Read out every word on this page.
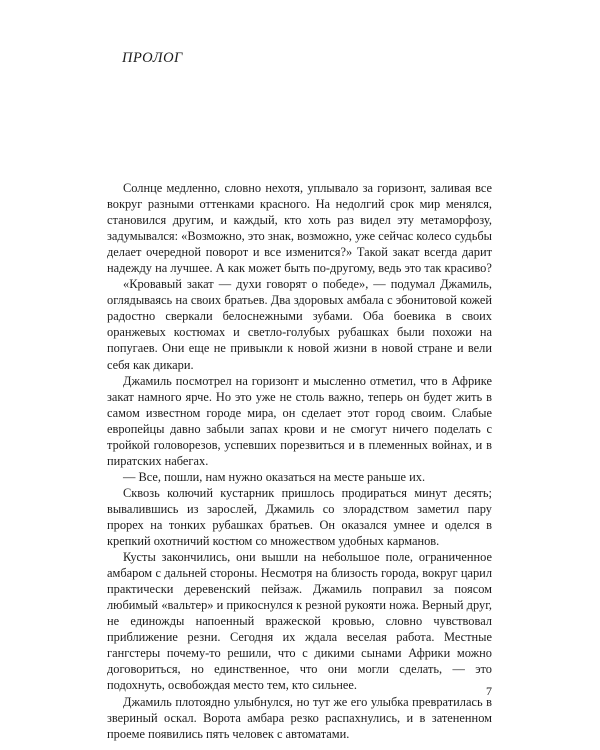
ПРОЛОГ

Солнце медленно, словно нехотя, уплывало за горизонт, заливая все вокруг разными оттенками красного. На недолгий срок мир менялся, становился другим, и каждый, кто хоть раз видел эту метаморфозу, задумывался: «Возможно, это знак, возможно, уже сейчас колесо судьбы делает очередной поворот и все изменится?» Такой закат всегда дарит надежду на лучшее. А как может быть по-другому, ведь это так красиво?

«Кровавый закат — духи говорят о победе», — подумал Джамиль, оглядываясь на своих братьев. Два здоровых амбала с эбонитовой кожей радостно сверкали белоснежными зубами. Оба боевика в своих оранжевых костюмах и светло-голубых рубашках были похожи на попугаев. Они еще не привыкли к новой жизни в новой стране и вели себя как дикари.

Джамиль посмотрел на горизонт и мысленно отметил, что в Африке закат намного ярче. Но это уже не столь важно, теперь он будет жить в самом известном городе мира, он сделает этот город своим. Слабые европейцы давно забыли запах крови и не смогут ничего поделать с тройкой головорезов, успевших порезвиться и в племенных войнах, и в пиратских набегах.

— Все, пошли, нам нужно оказаться на месте раньше их.

Сквозь колючий кустарник пришлось продираться минут десять; вывалившись из зарослей, Джамиль со злорадством заметил пару прорех на тонких рубашках братьев. Он оказался умнее и оделся в крепкий охотничий костюм со множеством удобных карманов.

Кусты закончились, они вышли на небольшое поле, ограниченное амбаром с дальней стороны. Несмотря на близость города, вокруг царил практически деревенский пейзаж. Джамиль поправил за поясом любимый «вальтер» и прикоснулся к резной рукояти ножа. Верный друг, не единожды напоенный вражеской кровью, словно чувствовал приближение резни. Сегодня их ждала веселая работа. Местные гангстеры почему-то решили, что с дикими сынами Африки можно договориться, но единственное, что они могли сделать, — это подохнуть, освобождая место тем, кто сильнее.

Джамиль плотоядно улыбнулся, но тут же его улыбка превратилась в звериный оскал. Ворота амбара резко распахнулись, и в затененном проеме появились пять человек с автоматами.

7
